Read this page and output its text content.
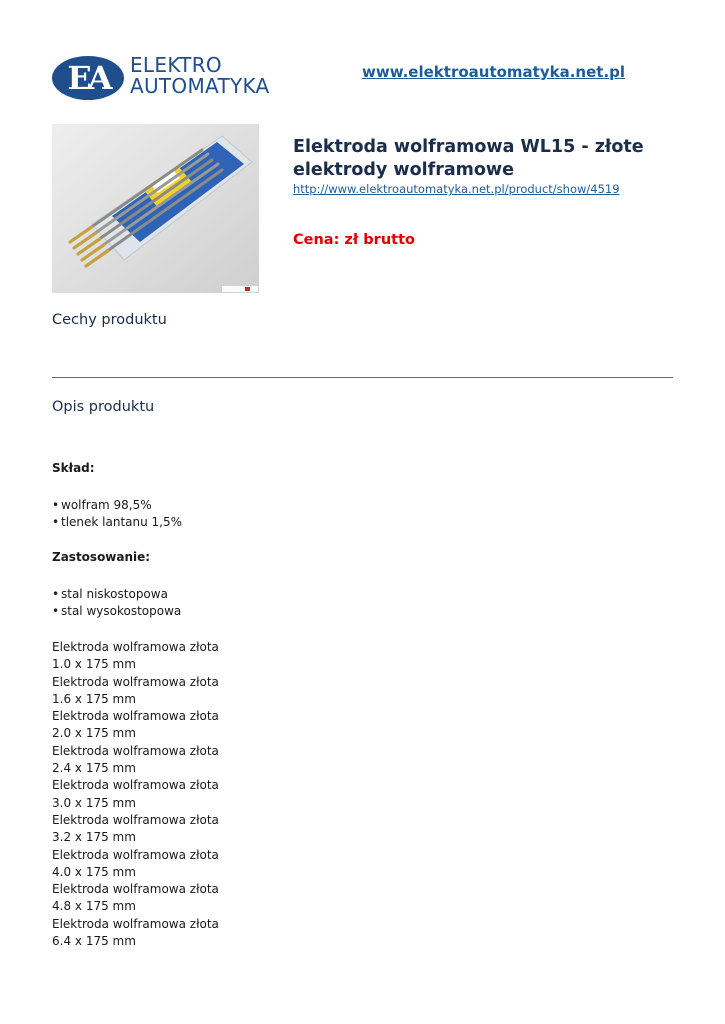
EA ELEKTRO
AUTOMATYKA
www.elektroautomatyka.net.pl
Elektroda wolframowa WL15 - złote elektrody wolframowe
http://www.elektroautomatyka.net.pl/product/show/4519
Cena: zł brutto
Cechy produktu
Opis produktu
Skład:
• wolfram 98,5%
• tlenek lantanu 1,5%
Zastosowanie:
• stal niskostopowa
• stal wysokostopowa
Elektroda wolframowa złota
1.0 x 175 mm
Elektroda wolframowa złota
1.6 x 175 mm
Elektroda wolframowa złota
2.0 x 175 mm
Elektroda wolframowa złota
2.4 x 175 mm
Elektroda wolframowa złota
3.0 x 175 mm
Elektroda wolframowa złota
3.2 x 175 mm
Elektroda wolframowa złota
4.0 x 175 mm
Elektroda wolframowa złota
4.8 x 175 mm
Elektroda wolframowa złota
6.4 x 175 mm
